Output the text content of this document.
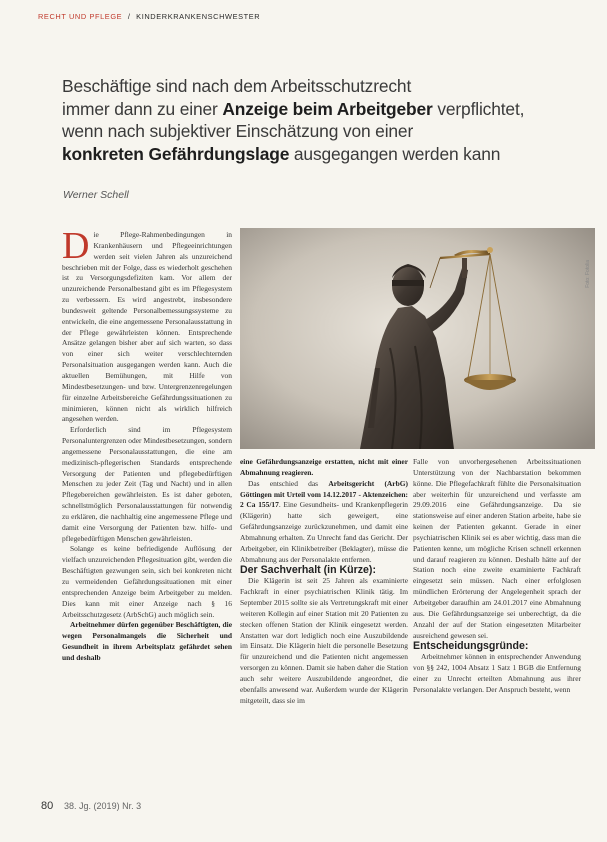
RECHT UND PFLEGE / KINDERKRANKENSCHWESTER
Beschäftige sind nach dem Arbeitsschutzrecht
immer dann zu einer Anzeige beim Arbeitgeber verpflichtet,
wenn nach subjektiver Einschätzung von einer
konkreten Gefährdungslage ausgegangen werden kann
Werner Schell
Foto: Fotolia

Die Pflege-Rahmenbedingungen in Krankenhäusern und Pflegeeinrichtungen werden seit vielen Jahren als unzureichend beschrieben mit der Folge, dass es wiederholt geschehen ist zu Versorgungsdefiziten kam. Vor allem der unzureichende Personalbestand gibt es im Pflegesystem zu verbessern. Es wird angestrebt, insbesondere bundesweit geltende Personalbemessungssysteme zu entwickeln, die eine angemessene Personalausstattung in der Pflege gewährleisten können. Entsprechende Ansätze gelangen bisher aber auf sich warten, so dass von einer sich weiter verschlechternden Personalsituation ausgegangen werden kann. Auch die aktuellen Bemühungen, mit Hilfe von Mindestbesetzungen- und bzw. Untergrenzenregelungen für einzelne Arbeitsbereiche Gefährdungssituationen zu minimieren, können nicht als wirklich hilfreich angesehen werden.

Erforderlich sind im Pflegesystem Personaluntergrenzen oder Mindestbesetzungen, sondern angemessene Personalausstattungen, die eine am medizinisch-pflegerischen Standards entsprechende Versorgung der Patienten und pflegebedürftigen Menschen zu jeder Zeit (Tag und Nacht) und in allen Pflegebereichen gewährleisten. Es ist daher geboten, schnellstmöglich Personalausstattungen für notwendig zu erklären, die nachhaltig eine angemessene Pflege und damit eine Versorgung der Patienten bzw. hilfe- und pflegebedürftigen Menschen gewährleisten.

Solange es keine befriedigende Auflösung der vielfach unzureichenden Pflegesituation gibt, werden die Beschäftigten gezwungen sein, sich bei konkreten nicht zu vermeidenden Gefährdungssituationen mit einer entsprechenden Anzeige beim Arbeitgeber zu melden. Dies kann mit einer Anzeige nach § 16 Arbeitsschutzgesetz (ArbSchG) auch möglich sein.

Arbeitnehmer dürfen gegenüber Beschäftigten, die wegen Personalmangels die Sicherheit und Gesundheit in ihrem Arbeitsplatz gefährdet sehen und deshalb

eine Gefährdungsanzeige erstatten, nicht mit einer Abmahnung reagieren.

Das entschied das Arbeitsgericht (ArbG) Göttingen mit Urteil vom 14.12.2017 - Aktenzeichen: 2 Ca 155/17. Eine Gesundheits- und Krankenpflegerin (Klägerin) hatte sich geweigert, eine Gefährdungsanzeige zurückzunehmen, und damit eine Abmahnung erhalten. Zu Unrecht fand das Gericht. Der Arbeitgeber, ein Klinikbetreiber (Beklagter), müsse die Abmahnung aus der Personalakte entfernen.

Der Sachverhalt (in Kürze):

Die Klägerin ist seit 25 Jahren als examinierte Fachkraft in einer psychiatrischen Klinik tätig. Im September 2015 sollte sie als Vertretungskraft mit einer weiteren Kollegin auf einer Station mit 20 Patienten zu stecken offenen Station der Klinik eingesetzt werden. Anstatten war dort lediglich noch eine Auszubildende im Einsatz. Die Klägerin hielt die personelle Besetzung für unzureichend und die Patienten nicht angemessen versorgen zu können. Damit sie haben daher die Station auch sehr weitere Auszubildende angeordnet, die ebenfalls anwesend war. Außerdem wurde der Klägerin mitgeteilt, dass sie im

Falle von unvorhergesehenen Arbeitssituationen Unterstützung von der Nachbarstation bekommen könne. Die Pflegefachkraft fühlte die Personalsituation aber weiterhin für unzureichend und verfasste am 29.09.2016 eine Gefährdungsanzeige. Da sie stationsweise auf einer anderen Station arbeite, habe sie keinen der Patienten gekannt. Gerade in einer psychiatrischen Klinik sei es aber wichtig, dass man die Patienten kenne, um mögliche Krisen schnell erkennen und darauf reagieren zu können. Deshalb hätte auf der Station noch eine zweite examinierte Fachkraft eingesetzt sein müssen. Nach einer erfolglosen mündlichen Erörterung der Angelegenheit sprach der Arbeitgeber daraufhin am 24.01.2017 eine Abmahnung aus. Die Gefährdungsanzeige sei unberechtigt, da die Anzahl der auf der Station eingesetzten Mitarbeiter ausreichend gewesen sei.

Entscheidungsgründe:

Arbeitnehmer können in entsprechender Anwendung von §§ 242, 1004 Absatz 1 Satz 1 BGB die Entfernung einer zu Unrecht erteilten Abmahnung aus ihrer Personalakte verlangen. Der Anspruch besteht, wenn

80 38. Jg. (2019) Nr. 3
